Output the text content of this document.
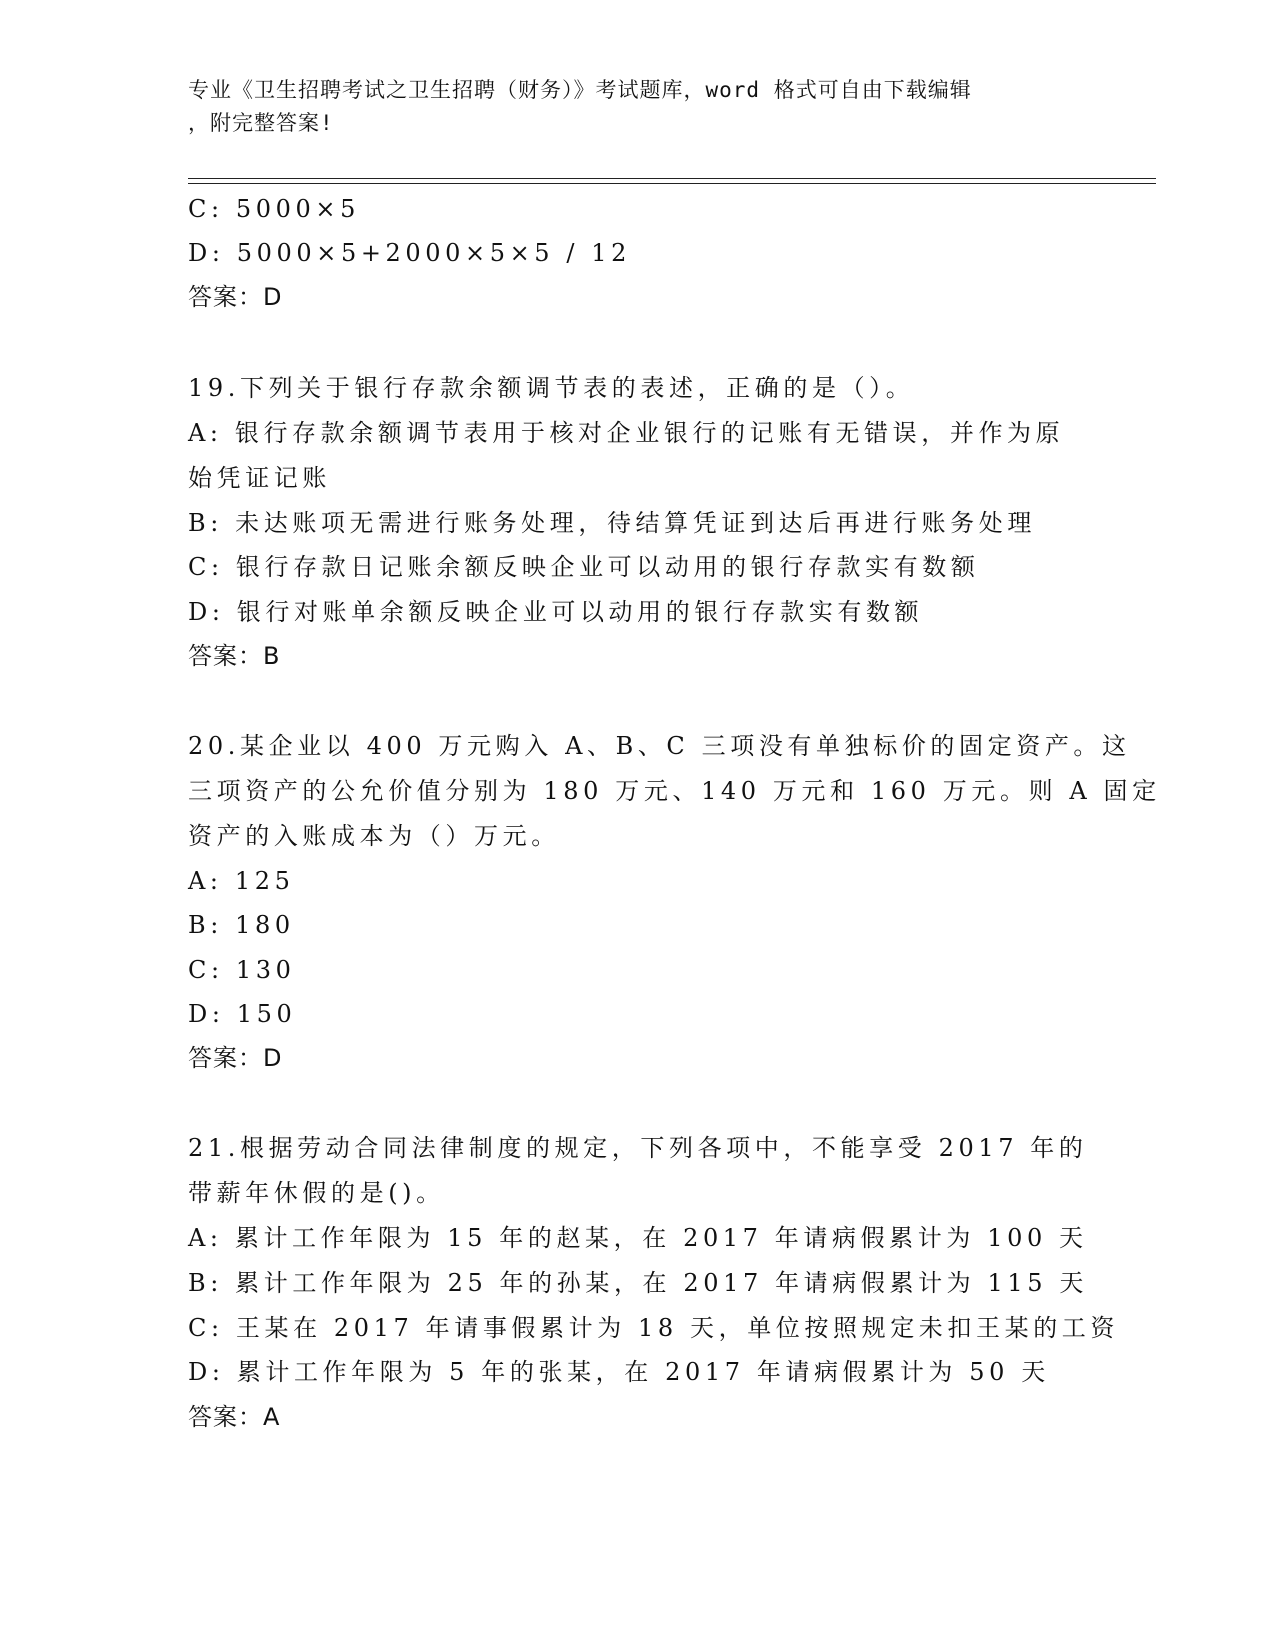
专业《卫生招聘考试之卫生招聘（财务）》考试题库，word 格式可自由下载编辑
，附完整答案!
C: 5000×5
D: 5000×5+2000×5×5 / 12
答案：D
19.下列关于银行存款余额调节表的表述，正确的是（）。
A: 银行存款余额调节表用于核对企业银行的记账有无错误，并作为原
始凭证记账
B: 未达账项无需进行账务处理，待结算凭证到达后再进行账务处理
C: 银行存款日记账余额反映企业可以动用的银行存款实有数额
D: 银行对账单余额反映企业可以动用的银行存款实有数额
答案：B
20.某企业以 400 万元购入 A、B、C 三项没有单独标价的固定资产。这
三项资产的公允价值分别为 180 万元、140 万元和 160 万元。则 A 固定
资产的入账成本为（）万元。
A: 125
B: 180
C: 130
D: 150
答案：D
21.根据劳动合同法律制度的规定，下列各项中，不能享受 2017 年的
带薪年休假的是()。
A: 累计工作年限为 15 年的赵某，在 2017 年请病假累计为 100 天
B: 累计工作年限为 25 年的孙某，在 2017 年请病假累计为 115 天
C: 王某在 2017 年请事假累计为 18 天，单位按照规定未扣王某的工资
D: 累计工作年限为 5 年的张某，在 2017 年请病假累计为 50 天
答案：A
